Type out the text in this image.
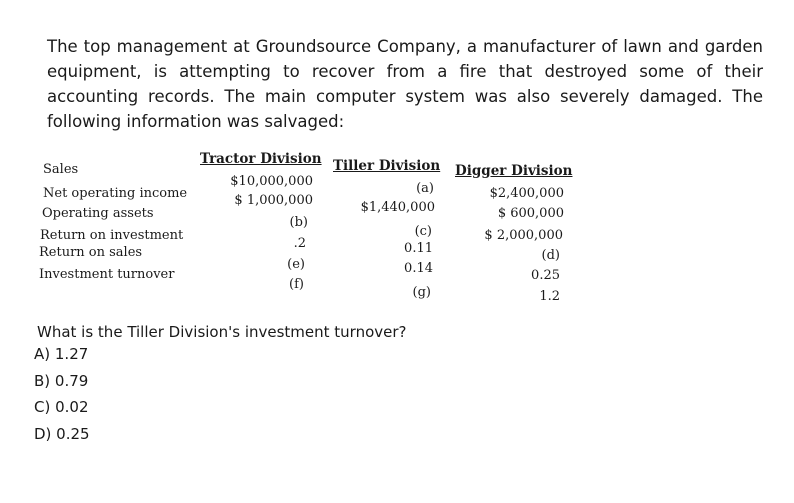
The top management at Groundsource Company, a manufacturer of lawn and garden equipment, is attempting to recover from a fire that destroyed some of their accounting records. The main computer system was also severely damaged. The following information was salvaged:

Sales
Net operating income
Operating assets
Return on investment
Return on sales
Investment turnover
Tractor Division Tiller Division Digger Division
$10,000,000
$ 1,000,000
(b)
.2
(e)
(f)
(a)
$1,440,000
(c)
0.11
0.14
(g)
$2,400,000
$ 600,000
$ 2,000,000
(d)
0.25
1.2

What is the Tiller Division's investment turnover?

A) 1.27
B) 0.79
C) 0.02
D) 0.25
